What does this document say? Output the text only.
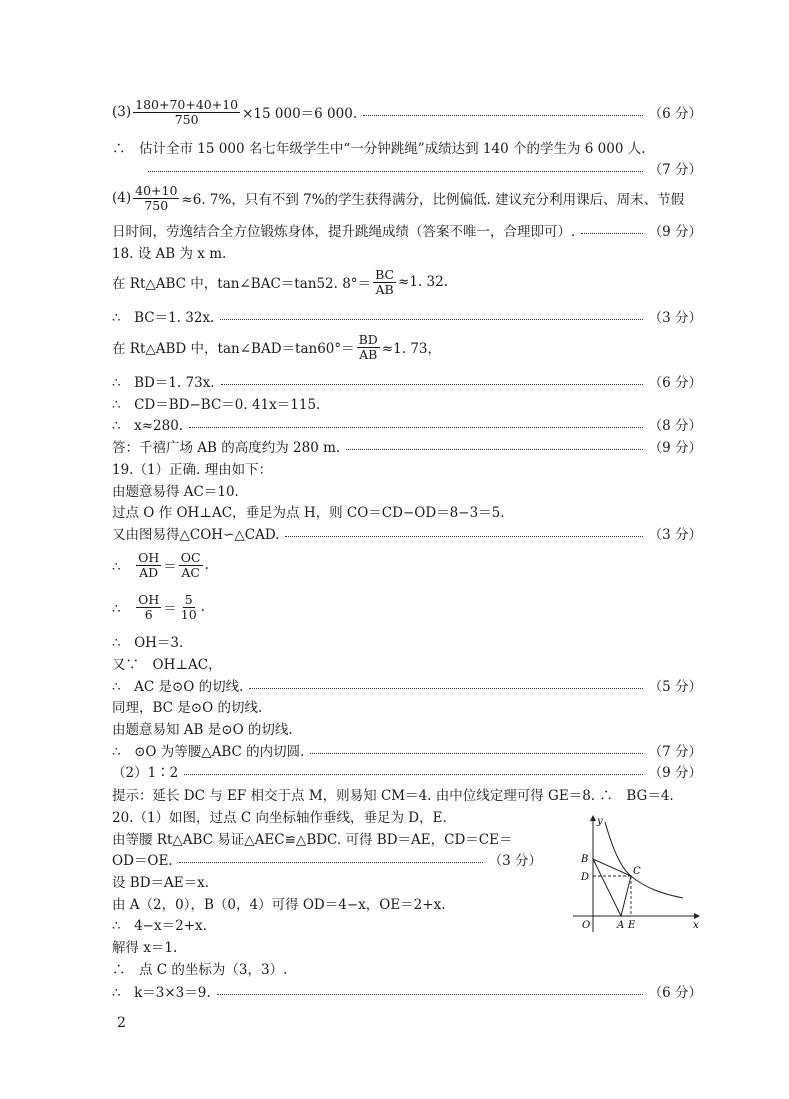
$(3) \frac{180+70+40+10}{750} \times 15$ 000＝6 000.	（6 分）
∴　估计全市 15 000 名七年级学生中“一分钟跳绳”成绩达到 140 个的学生为 6 000 人.
（7 分）
$(4) \frac{40+10}{750} \approx 6$. 7%，只有不到 7%的学生获得满分，比例偏低. 建议充分利用课后、周末、节假
日时间，劳逸结合全方位锻炼身体，提升跳绳成绩（答案不唯一，合理即可）.	（9 分）
18. 设 AB 为 x m.
在 Rt△ABC 中，tan∠BAC＝tan52. $8^\circ= \frac{BC}{AB} \approx 1$. 32.
∴　BC＝1. 32x.	（3 分）
在 Rt△ABD 中，tan∠BAD＝tan60°＝ $\frac{BD}{AB} \approx 1$. 73，
∴　BD＝1. 73x.	（6 分）
∴　CD＝BD−BC＝0. 41x＝115.
∴　x≈280.	（8 分）
答：千禧广场 AB 的高度约为 280 m.	（9 分）
19.（1）正确. 理由如下：
由题意易得 AC＝10.
过点 O 作 OH⊥AC，垂足为点 H，则 CO＝CD−OD＝8−3＝5.
又由图易得△COH∽△CAD.	（3 分）
∴　 $\frac{OH}{AD} = \frac{OC}{AC}$ .
∴　 $\frac{OH}{6} = \frac{5}{10}$ .
∴　OH＝3.
又∵　OH⊥AC，
∴　AC 是⊙O 的切线.	（5 分）
同理，BC 是⊙O 的切线.
由题意易知 AB 是⊙O 的切线.
∴　⊙O 为等腰△ABC 的内切圆.	（7 分）
（2）1∶2	（9 分）
提示：延长 DC 与 EF 相交于点 M，则易知 CM＝4. 由中位线定理可得 GE＝8. ∴　BG＝4.
20.（1）如图，过点 C 向坐标轴作垂线，垂足为 D，E.
由等腰 Rt△ABC 易证△AEC≌△BDC. 可得 BD＝AE，CD＝CE＝
OD＝OE.	（3 分）
设 BD＝AE＝x.
由 A（2，0），B（0，4）可得 OD＝4−x，OE＝2+x.
∴　4−x＝2+x.
解得 x＝1.
∴　点 C 的坐标为（3，3）.
∴　k＝3×3＝9.	（6 分）
y
x
O	A E
B
D
C
2
